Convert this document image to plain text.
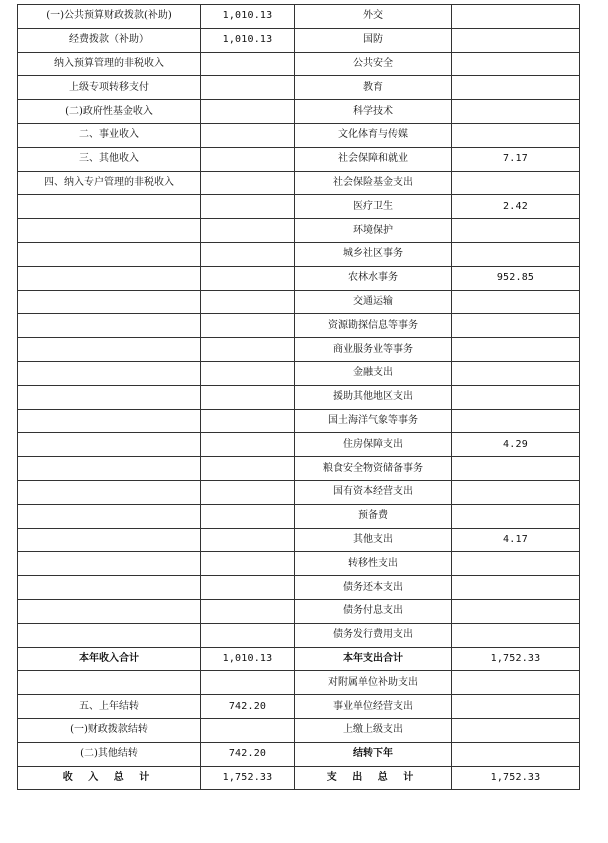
(一)公共预算财政拨款(补助)	1,010.13	外交	
经费拨款（补助）	1,010.13	国防	
纳入预算管理的非税收入		公共安全	
上级专项转移支付		教育	
(二)政府性基金收入		科学技术	
二、事业收入		文化体育与传媒	
三、其他收入		社会保障和就业	7.17
四、纳入专户管理的非税收入		社会保险基金支出	
		医疗卫生	2.42
		环境保护	
		城乡社区事务	
		农林水事务	952.85
		交通运输	
		资源勘探信息等事务	
		商业服务业等事务	
		金融支出	
		援助其他地区支出	
		国土海洋气象等事务	
		住房保障支出	4.29
		粮食安全物资储备事务	
		国有资本经营支出	
		预备费	
		其他支出	4.17
		转移性支出	
		债务还本支出	
		债务付息支出	
		债务发行费用支出	
本年收入合计	1,010.13	本年支出合计	1,752.33
		对附属单位补助支出	
五、上年结转	742.20	事业单位经营支出	
(一)财政拨款结转		上缴上级支出	
(二)其他结转	742.20	结转下年	
收 入 总 计	1,752.33	支 出 总 计	1,752.33
